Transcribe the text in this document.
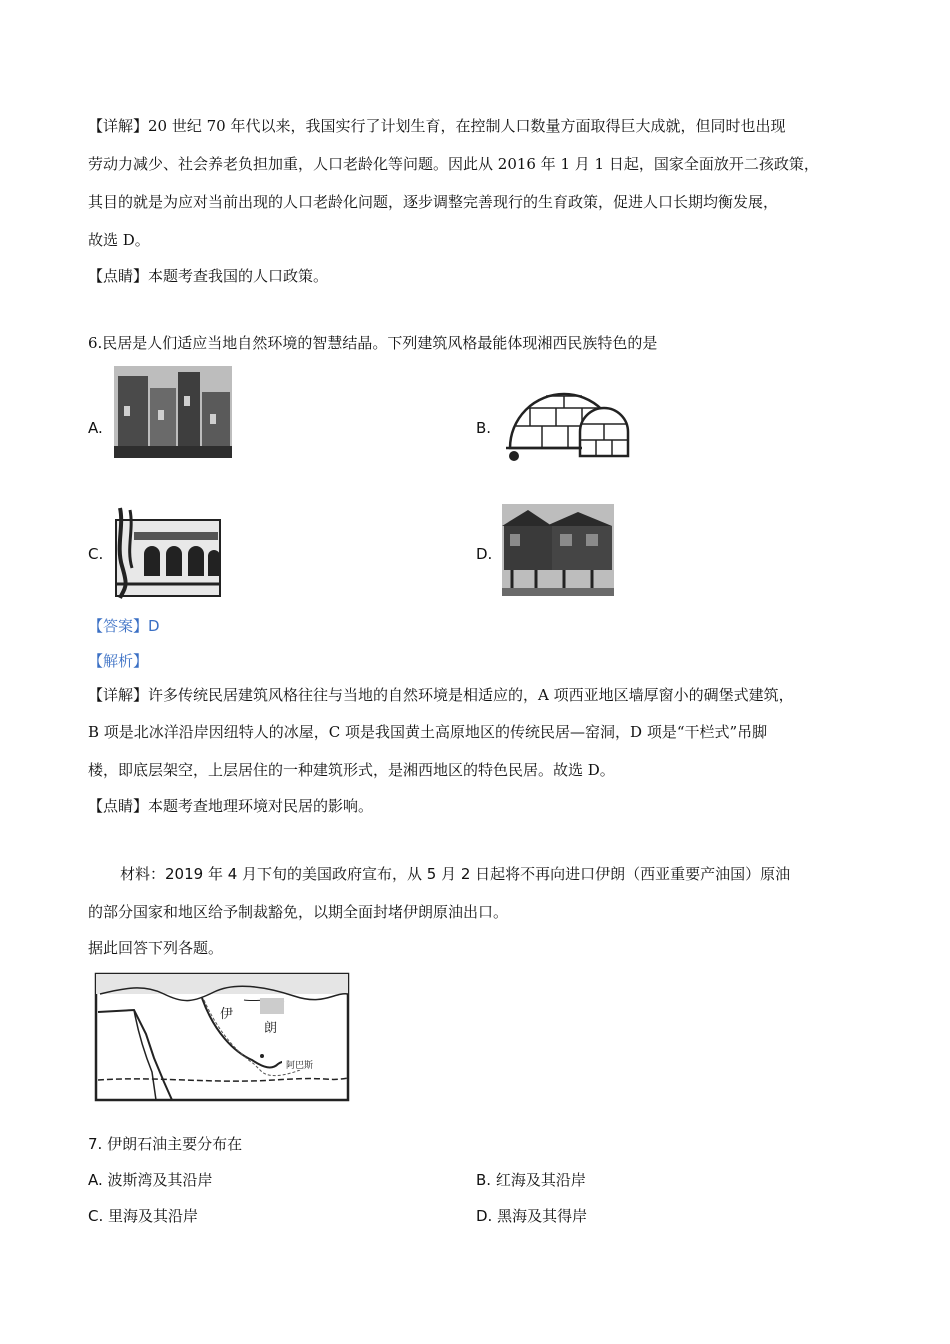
【详解】20 世纪 70 年代以来，我国实行了计划生育，在控制人口数量方面取得巨大成就，但同时也出现
劳动力减少、社会养老负担加重，人口老龄化等问题。因此从 2016 年 1 月 1 日起，国家全面放开二孩政策，
其目的就是为应对当前出现的人口老龄化问题，逐步调整完善现行的生育政策，促进人口长期均衡发展，
故选 D。
【点睛】本题考查我国的人口政策。
6.民居是人们适应当地自然环境的智慧结晶。下列建筑风格最能体现湘西民族特色的是
A.	B.
C.	D.
【答案】D
【解析】
【详解】许多传统民居建筑风格往往与当地的自然环境是相适应的，A 项西亚地区墙厚窗小的碉堡式建筑，
B 项是北冰洋沿岸因纽特人的冰屋，C 项是我国黄土高原地区的传统民居—窑洞，D 项是“干栏式”吊脚
楼，即底层架空，上层居住的一种建筑形式，是湘西地区的特色民居。故选 D。
【点睛】本题考查地理环境对民居的影响。
材料：2019 年 4 月下旬的美国政府宣布，从 5 月 2 日起将不再向进口伊朗（西亚重要产油国）原油
的部分国家和地区给予制裁豁免，以期全面封堵伊朗原油出口。
据此回答下列各题。
伊
朗
阿巴斯
7. 伊朗石油主要分布在
A. 波斯湾及其沿岸	B. 红海及其沿岸
C. 里海及其沿岸	D. 黑海及其得岸
